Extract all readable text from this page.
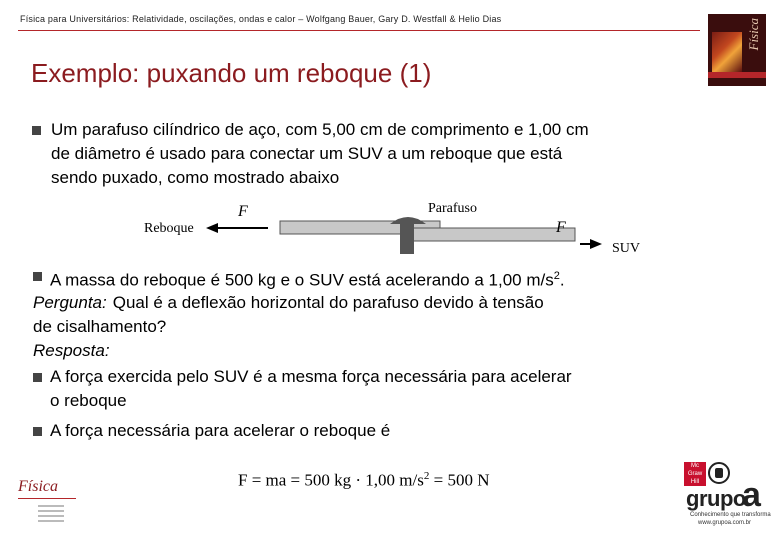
Física para Universitários: Relatividade, oscilações, ondas e calor – Wolfgang Bauer, Gary D. Westfall & Helio Dias	Física
Exemplo: puxando um reboque (1)
Um parafuso cilíndrico de aço, com 5,00 cm de comprimento e 1,00 cm
de diâmetro é usado para conectar um SUV a um reboque que está
sendo puxado, como mostrado abaixo
Reboque
F	Parafuso
F
SUV
A massa do reboque é 500 kg e o SUV está acelerando a 1,00 $m/s^2$.
Pergunta: Qual é a deflexão horizontal do parafuso devido à tensão
de cisalhamento?
Resposta:
A força exercida pelo SUV é a mesma força necessária para acelerar
o reboque
A força necessária para acelerar o reboque é
F = ma = 500 kg · 1,00 $m/s^2 = 500$ N
Física
Mc Graw Hill
grupo
a
Conhecimento que transforma
www.grupoa.com.br
